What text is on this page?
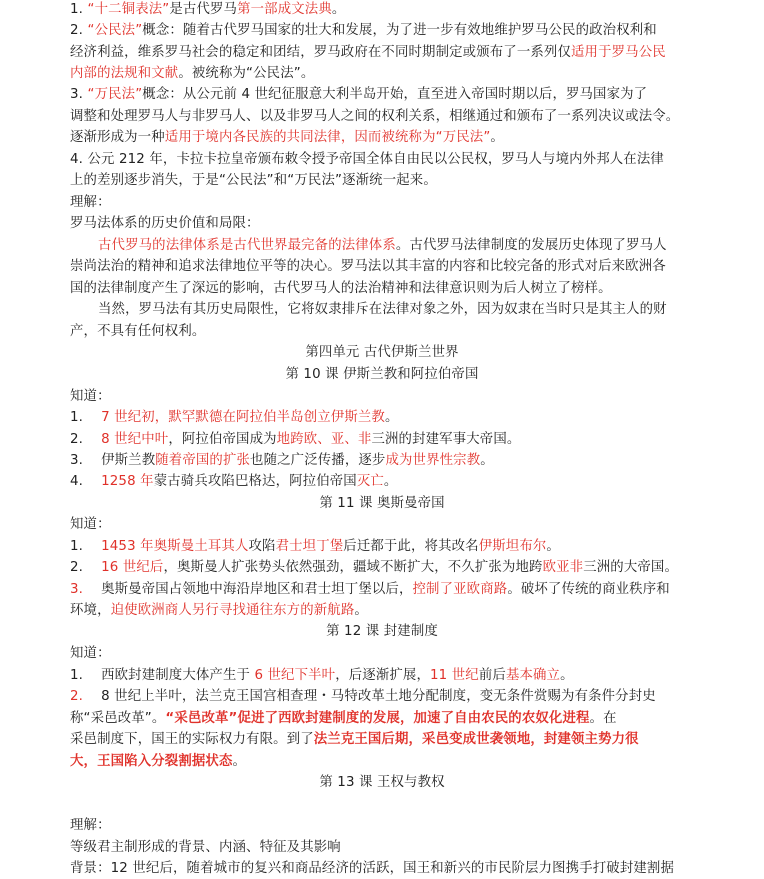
1. “十二铜表法”是古代罗马第一部成文法典。
2. “公民法”概念：随着古代罗马国家的壮大和发展，为了进一步有效地维护罗马公民的政治权利和
经济利益，维系罗马社会的稳定和团结，罗马政府在不同时期制定或颁布了一系列仅适用于罗马公民
内部的法规和文献。被统称为“公民法”。
3. “万民法”概念：从公元前 4 世纪征服意大利半岛开始，直至进入帝国时期以后，罗马国家为了
调整和处理罗马人与非罗马人、以及非罗马人之间的权利关系，相继通过和颁布了一系列决议或法令。
逐渐形成为一种适用于境内各民族的共同法律，因而被统称为“万民法”。
4. 公元 212 年，卡拉卡拉皇帝颁布敕令授予帝国全体自由民以公民权，罗马人与境内外邦人在法律
上的差别逐步消失，于是“公民法”和“万民法”逐渐统一起来。
理解：
罗马法体系的历史价值和局限：
古代罗马的法律体系是古代世界最完备的法律体系。古代罗马法律制度的发展历史体现了罗马人
崇尚法治的精神和追求法律地位平等的决心。罗马法以其丰富的内容和比较完备的形式对后来欧洲各
国的法律制度产生了深远的影响，古代罗马人的法治精神和法律意识则为后人树立了榜样。
当然，罗马法有其历史局限性，它将奴隶排斥在法律对象之外，因为奴隶在当时只是其主人的财
产，不具有任何权利。
第四单元 古代伊斯兰世界
第 10 课 伊斯兰教和阿拉伯帝国
知道：
1. 7 世纪初，默罕默德在阿拉伯半岛创立伊斯兰教。
2. 8 世纪中叶，阿拉伯帝国成为地跨欧、亚、非三洲的封建军事大帝国。
3. 伊斯兰教随着帝国的扩张也随之广泛传播，逐步成为世界性宗教。
4. 1258 年蒙古骑兵攻陷巴格达，阿拉伯帝国灭亡。
第 11 课 奥斯曼帝国
知道：
1. 1453 年奥斯曼土耳其人攻陷君士坦丁堡后迁都于此，将其改名伊斯坦布尔。
2. 16 世纪后，奥斯曼人扩张势头依然强劲，疆域不断扩大，不久扩张为地跨欧亚非三洲的大帝国。
3. 奥斯曼帝国占领地中海沿岸地区和君士坦丁堡以后，控制了亚欧商路。破坏了传统的商业秩序和
环境，迫使欧洲商人另行寻找通往东方的新航路。
第 12 课 封建制度
知道：
1. 西欧封建制度大体产生于 6 世纪下半叶，后逐渐扩展，11 世纪前后基本确立。
2. 8 世纪上半叶，法兰克王国宫相查理・马特改革土地分配制度，变无条件赏赐为有条件分封史
称“采邑改革”。“采邑改革”促进了西欧封建制度的发展，加速了自由农民的农奴化进程。在
采邑制度下，国王的实际权力有限。到了法兰克王国后期，采邑变成世袭领地，封建领主势力很
大，王国陷入分裂割据状态。
第 13 课 王权与教权
理解：
等级君主制形成的背景、内涵、特征及其影响
背景：12 世纪后，随着城市的复兴和商品经济的活跃，国王和新兴的市民阶层力图携手打破封建割据
